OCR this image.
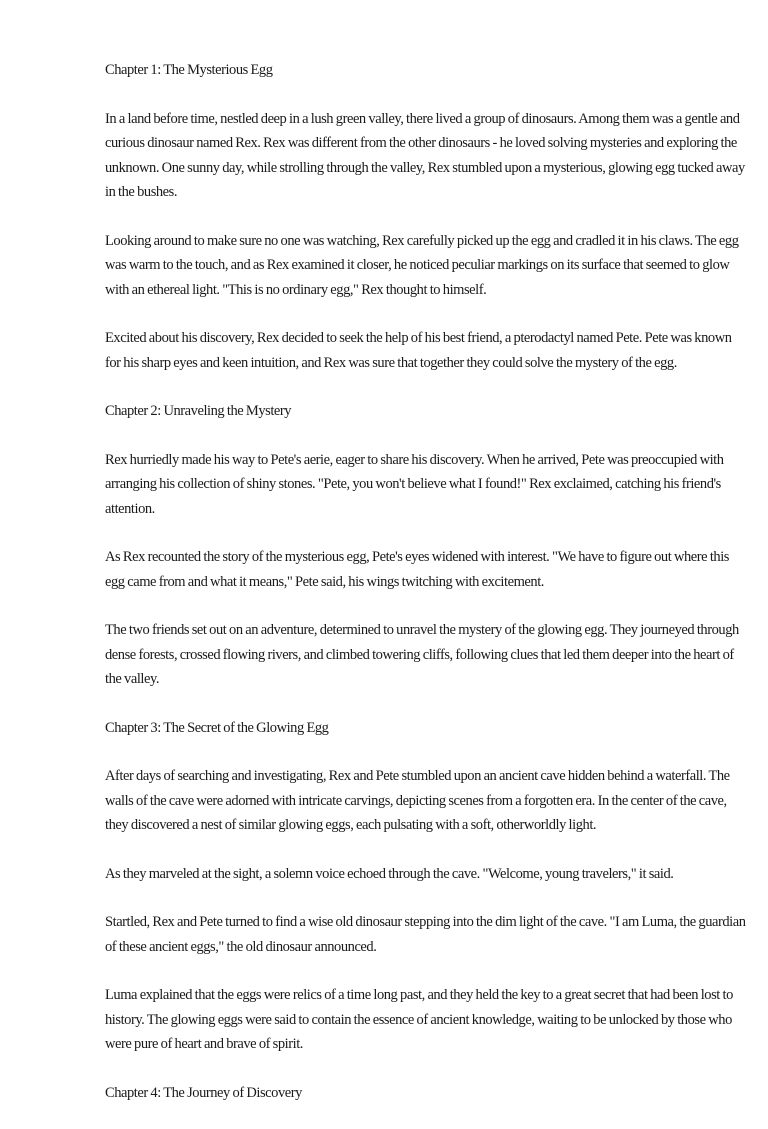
Chapter 1: The Mysterious Egg

In a land before time, nestled deep in a lush green valley, there lived a group of dinosaurs. Among them was a gentle and curious dinosaur named Rex. Rex was different from the other dinosaurs - he loved solving mysteries and exploring the unknown. One sunny day, while strolling through the valley, Rex stumbled upon a mysterious, glowing egg tucked away in the bushes.

Looking around to make sure no one was watching, Rex carefully picked up the egg and cradled it in his claws. The egg was warm to the touch, and as Rex examined it closer, he noticed peculiar markings on its surface that seemed to glow with an ethereal light. "This is no ordinary egg," Rex thought to himself.

Excited about his discovery, Rex decided to seek the help of his best friend, a pterodactyl named Pete. Pete was known for his sharp eyes and keen intuition, and Rex was sure that together they could solve the mystery of the egg.

Chapter 2: Unraveling the Mystery

Rex hurriedly made his way to Pete's aerie, eager to share his discovery. When he arrived, Pete was preoccupied with arranging his collection of shiny stones. "Pete, you won't believe what I found!" Rex exclaimed, catching his friend's attention.

As Rex recounted the story of the mysterious egg, Pete's eyes widened with interest. "We have to figure out where this egg came from and what it means," Pete said, his wings twitching with excitement.

The two friends set out on an adventure, determined to unravel the mystery of the glowing egg. They journeyed through dense forests, crossed flowing rivers, and climbed towering cliffs, following clues that led them deeper into the heart of the valley.

Chapter 3: The Secret of the Glowing Egg

After days of searching and investigating, Rex and Pete stumbled upon an ancient cave hidden behind a waterfall. The walls of the cave were adorned with intricate carvings, depicting scenes from a forgotten era. In the center of the cave, they discovered a nest of similar glowing eggs, each pulsating with a soft, otherworldly light.

As they marveled at the sight, a solemn voice echoed through the cave. "Welcome, young travelers," it said.

Startled, Rex and Pete turned to find a wise old dinosaur stepping into the dim light of the cave. "I am Luma, the guardian of these ancient eggs," the old dinosaur announced.

Luma explained that the eggs were relics of a time long past, and they held the key to a great secret that had been lost to history. The glowing eggs were said to contain the essence of ancient knowledge, waiting to be unlocked by those who were pure of heart and brave of spirit.

Chapter 4: The Journey of Discovery
